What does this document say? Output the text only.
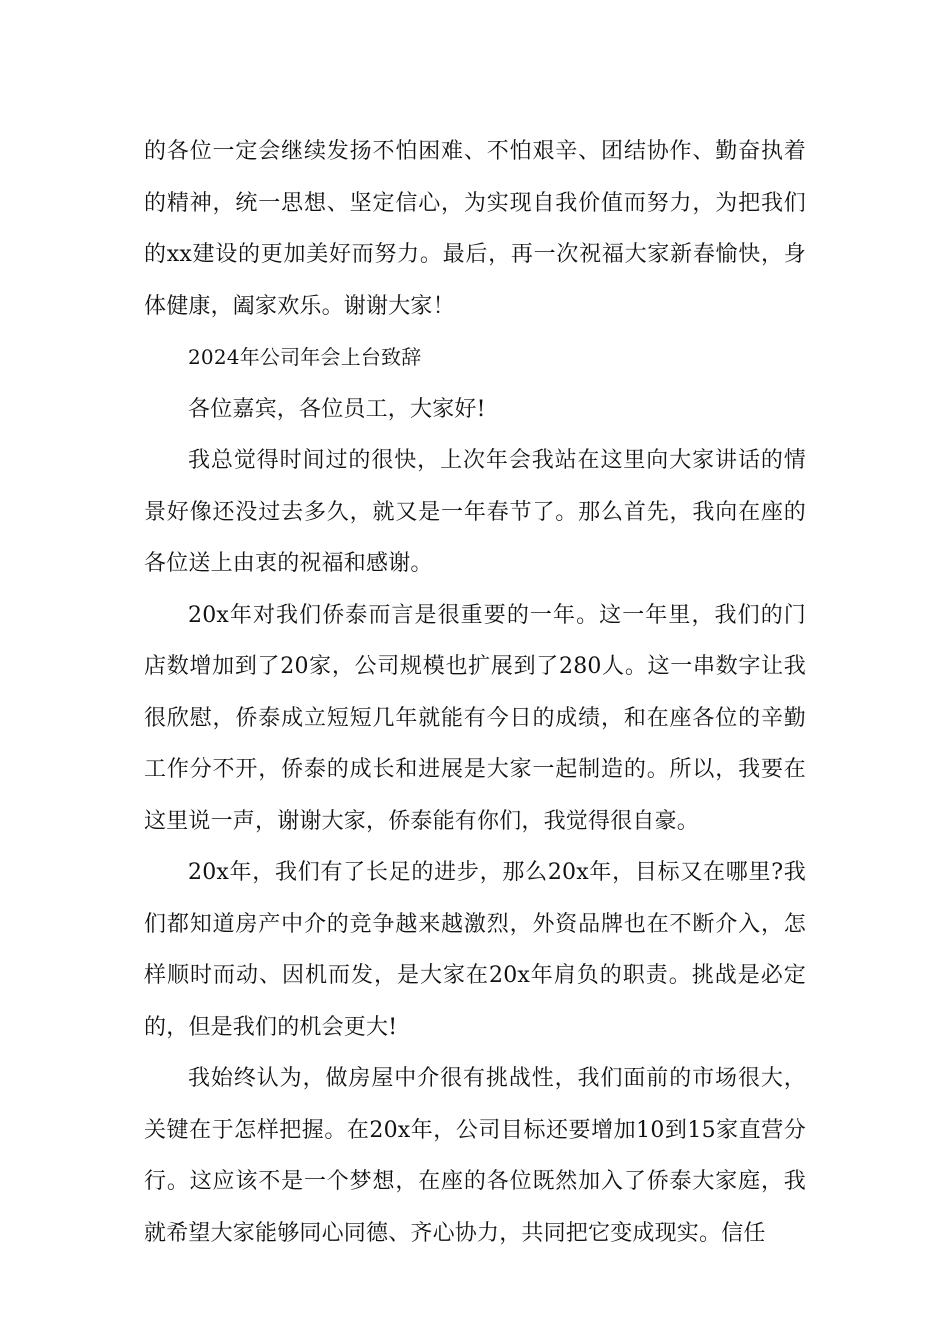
的各位一定会继续发扬不怕困难、不怕艰辛、团结协作、勤奋执着的精神，统一思想、坚定信心，为实现自我价值而努力，为把我们的xx建设的更加美好而努力。最后，再一次祝福大家新春愉快，身体健康，阖家欢乐。谢谢大家！

2024年公司年会上台致辞

各位嘉宾，各位员工，大家好!

我总觉得时间过的很快，上次年会我站在这里向大家讲话的情景好像还没过去多久，就又是一年春节了。那么首先，我向在座的各位送上由衷的祝福和感谢。

20x年对我们侨泰而言是很重要的一年。这一年里，我们的门店数增加到了20家，公司规模也扩展到了280人。这一串数字让我很欣慰，侨泰成立短短几年就能有今日的成绩，和在座各位的辛勤工作分不开，侨泰的成长和进展是大家一起制造的。所以，我要在这里说一声，谢谢大家，侨泰能有你们，我觉得很自豪。

20x年，我们有了长足的进步，那么20x年，目标又在哪里?我们都知道房产中介的竞争越来越激烈，外资品牌也在不断介入，怎样顺时而动、因机而发，是大家在20x年肩负的职责。挑战是必定的，但是我们的机会更大!

我始终认为，做房屋中介很有挑战性，我们面前的市场很大，关键在于怎样把握。在20x年，公司目标还要增加10到15家直营分行。这应该不是一个梦想，在座的各位既然加入了侨泰大家庭，我就希望大家能够同心同德、齐心协力，共同把它变成现实。信任
